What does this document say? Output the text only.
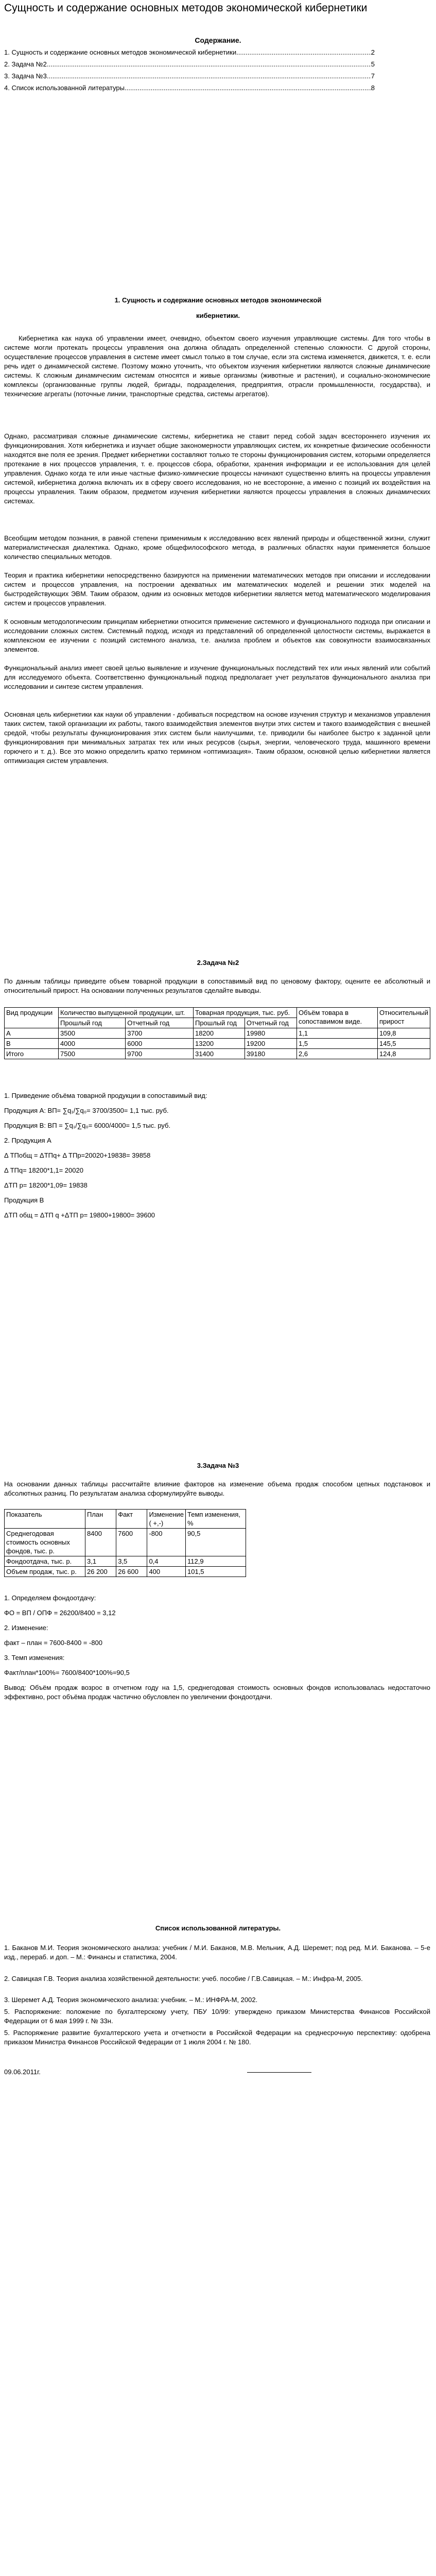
Сущность и содержание основных методов экономической кибернетики
Содержание.
1. Сущность и содержание основных методов экономической кибернетики .....	2
2. Задача №2 .....	5
3. Задача №3 .....	7
4. Список использованной литературы .....	8
1. Сущность и содержание основных методов экономической кибернетики.
Кибернетика как наука об управлении имеет, очевидно, объектом своего изучения управляющие системы. Для того чтобы в системе могли протекать процессы управления она должна обладать определенной степенью сложности. С другой стороны, осуществление процессов управления в системе имеет смысл только в том случае, если эта система изменяется, движется, т. е. если речь идет о динамической системе. Поэтому можно уточнить, что объектом изучения кибернетики являются сложные динамические системы. К сложным динамическим системам относятся и живые организмы (животные и растения), и социально-экономические комплексы (организованные группы людей, бригады, подразделения, предприятия, отрасли промышленности, государства), и технические агрегаты (поточные линии, транспортные средства, системы агрегатов).
Однако, рассматривая сложные динамические системы, кибернетика не ставит перед собой задач всестороннего изучения их функционирования. Хотя кибернетика и изучает общие закономерности управляющих систем, их конкретные физические особенности находятся вне поля ее зрения. Предмет кибернетики составляют только те стороны функционирования систем, которыми определяется протекание в них процессов управления, т. е. процессов сбора, обработки, хранения информации и ее использования для целей управления. Однако когда те или иные частные физико-химические процессы начинают существенно влиять на процессы управления системой, кибернетика должна включать их в сферу своего исследования, но не всесторонне, а именно с позиций их воздействия на процессы управления. Таким образом, предметом изучения кибернетики являются процессы управления в сложных динамических системах.
Всеобщим методом познания, в равной степени применимым к исследованию всех явлений природы и общественной жизни, служит материалистическая диалектика. Однако, кроме общефилософского метода, в различных областях науки применяется большое количество специальных методов.
Теория и практика кибернетики непосредственно базируются на применении математических методов при описании и исследовании систем и процессов управления, на построении адекватных им математических моделей и решении этих моделей на быстродействующих ЭВМ. Таким образом, одним из основных методов кибернетики является метод математического моделирования систем и процессов управления.
К основным методологическим принципам кибернетики относится применение системного и функционального подхода при описании и исследовании сложных систем. Системный подход, исходя из представлений об определенной целостности системы, выражается в комплексном ее изучении с позиций системного анализа, т.е. анализа проблем и объектов как совокупности взаимосвязанных элементов.
Функциональный анализ имеет своей целью выявление и изучение функциональных последствий тех или иных явлений или событий для исследуемого объекта. Соответственно функциональный подход предполагает учет результатов функционального анализа при исследовании и синтезе систем управления.
Основная цель кибернетики как науки об управлении - добиваться посредством на основе изучения структур и механизмов управления таких систем, такой организации их работы, такого взаимодействия элементов внутри этих систем и такого взаимодействия с внешней средой, чтобы результаты функционирования этих систем были наилучшими, т.е. приводили бы наиболее быстро к заданной цели функционирования при минимальных затратах тех или иных ресурсов (сырья, энергии, человеческого труда, машинного времени горючего и т. д.). Все это можно определить кратко термином «оптимизация». Таким образом, основной целью кибернетики является оптимизация систем управления.
2.Задача №2
По данным таблицы приведите объем товарной продукции в сопоставимый вид по ценовому фактору, оцените ее абсолютный и относительный прирост. На основании полученных результатов сделайте выводы.
Вид продукции	Количество выпущенной продукции, шт.		Товарная продукция, тыс. руб.		Объём товара в сопоставимом виде.	Относительный прирост
	Прошлый год	Отчетный год	Прошлый год	Отчетный год		
А	3500	3700	18200	19980	1,1	109,8
В	4000	6000	13200	19200	1,5	145,5
Итого	7500	9700	31400	39180	2,6	124,8
1. Приведение объёма товарной продукции в сопоставимый вид:
Продукция А: ВП= ∑q₁/∑q₀= 3700/3500= 1,1 тыс. руб.
Продукция В: ВП = ∑q₁/∑q₀= 6000/4000= 1,5 тыс. руб.
2. Продукция А
Δ ТПобщ = ΔТПq+ Δ ТПр=20020+19838= 39858
Δ ТПq= 18200*1,1= 20020
ΔТП р= 18200*1,09= 19838
Продукция В
ΔТП общ = ΔТП q +ΔТП р= 19800+19800= 39600
3.Задача №3
На основании данных таблицы рассчитайте влияние факторов на изменение объема продаж способом цепных подстановок и абсолютных разниц. По результатам анализа сформулируйте выводы.
Показатель	План	Факт	Изменение ( +,-)	Темп изменения, %
Среднегодовая стоимость основных фондов, тыс. р.	8400	7600	-800	90,5
Фондоотдача, тыс. р.	3,1	3,5	0,4	112,9
Объем продаж, тыс. р.	26 200	26 600	400	101,5
1. Определяем фондоотдачу:
ФО = ВП / ОПФ = 26200/8400 = 3,12
2. Изменение:
факт – план = 7600-8400 = -800
3. Темп изменения:
Факт/план*100%= 7600/8400*100%=90,5
Вывод: Объём продаж возрос в отчетном году на 1,5, среднегодовая стоимость основных фондов использовалась недостаточно эффективно, рост объёма продаж частично обусловлен по увеличении фондоотдачи.
Список использованной литературы.
1. Баканов М.И. Теория экономического анализа: учебник / М.И. Баканов, М.В. Мельник, А.Д. Шеремет; под ред. М.И. Баканова. – 5-е изд., перераб. и доп. – М.: Финансы и статистика, 2004.
2. Савицкая Г.В. Теория анализа хозяйственной деятельности: учеб. пособие / Г.В.Савицкая. – М.: Инфра-М, 2005.
3. Шеремет А.Д. Теория экономического анализа: учебник. – М.: ИНФРА-М, 2002.
5. Распоряжение: положение по бухгалтерскому учету, ПБУ 10/99: утверждено приказом Министерства Финансов Российской Федерации от 6 мая 1999 г. № 33н.
5. Распоряжение развитие бухгалтерского учета и отчетности в Российской Федерации на среднесрочную перспективу: одобрена приказом Министра Финансов Российской Федерации от 1 июля 2004 г. № 180.
09.06.2011г.
